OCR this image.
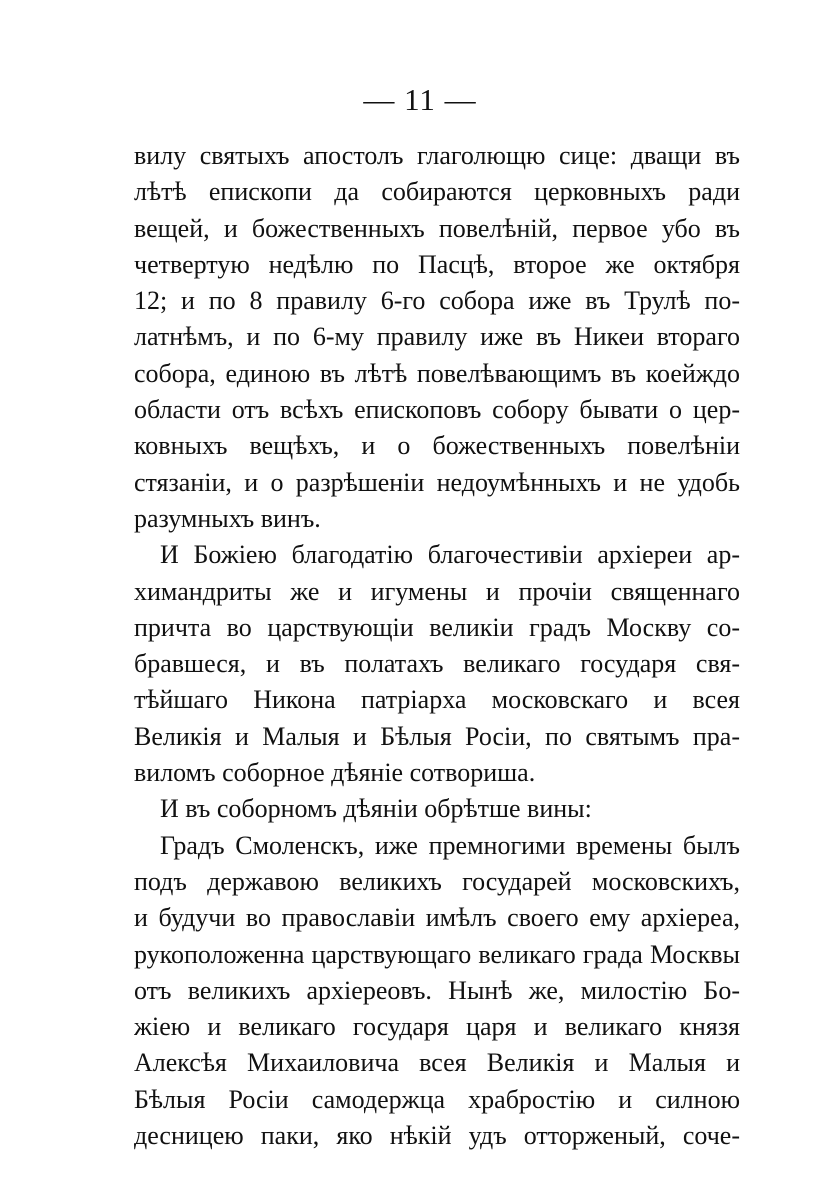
— 11 —
вилу святыхъ апостолъ глаголющю сице: дващи въ
лѣтѣ епископи да собираются церковныхъ ради
вещей, и божественныхъ повелѣній, первое убо въ
четвертую недѣлю по Пасцѣ, второе же октября
12; и по 8 правилу 6-го собора иже въ Трулѣ по-
латнѣмъ, и по 6-му правилу иже въ Никеи втораго
собора, единою въ лѣтѣ повелѣвающимъ въ коейждо
области отъ всѣхъ епископовъ собору бывати о цер-
ковныхъ вещѣхъ, и о божественныхъ повелѣніи
стязаніи, и о разрѣшеніи недоумѣнныхъ и не удобь
разумныхъ винъ.
И Божіею благодатію благочестивіи архіереи ар-
химандриты же и игумены и прочіи священнаго
причта во царствующіи великіи градъ Москву со-
бравшеся, и въ полатахъ великаго государя свя-
тѣйшаго Никона патріарха московскаго и всея
Великія и Малыя и Бѣлыя Росіи, по святымъ пра-
виломъ соборное дѣяніе сотвориша.
И въ соборномъ дѣяніи обрѣтше вины:
Градъ Смоленскъ, иже премногими времены былъ
подъ державою великихъ государей московскихъ,
и будучи во православіи имѣлъ своего ему архіереа,
рукоположенна царствующаго великаго града Москвы
отъ великихъ архіереовъ. Нынѣ же, милостію Бо-
жіею и великаго государя царя и великаго князя
Алексѣя Михаиловича всея Великія и Малыя и
Бѣлыя Росіи самодержца храбростію и силною
десницею паки, яко нѣкій удъ отторженый, соче-
